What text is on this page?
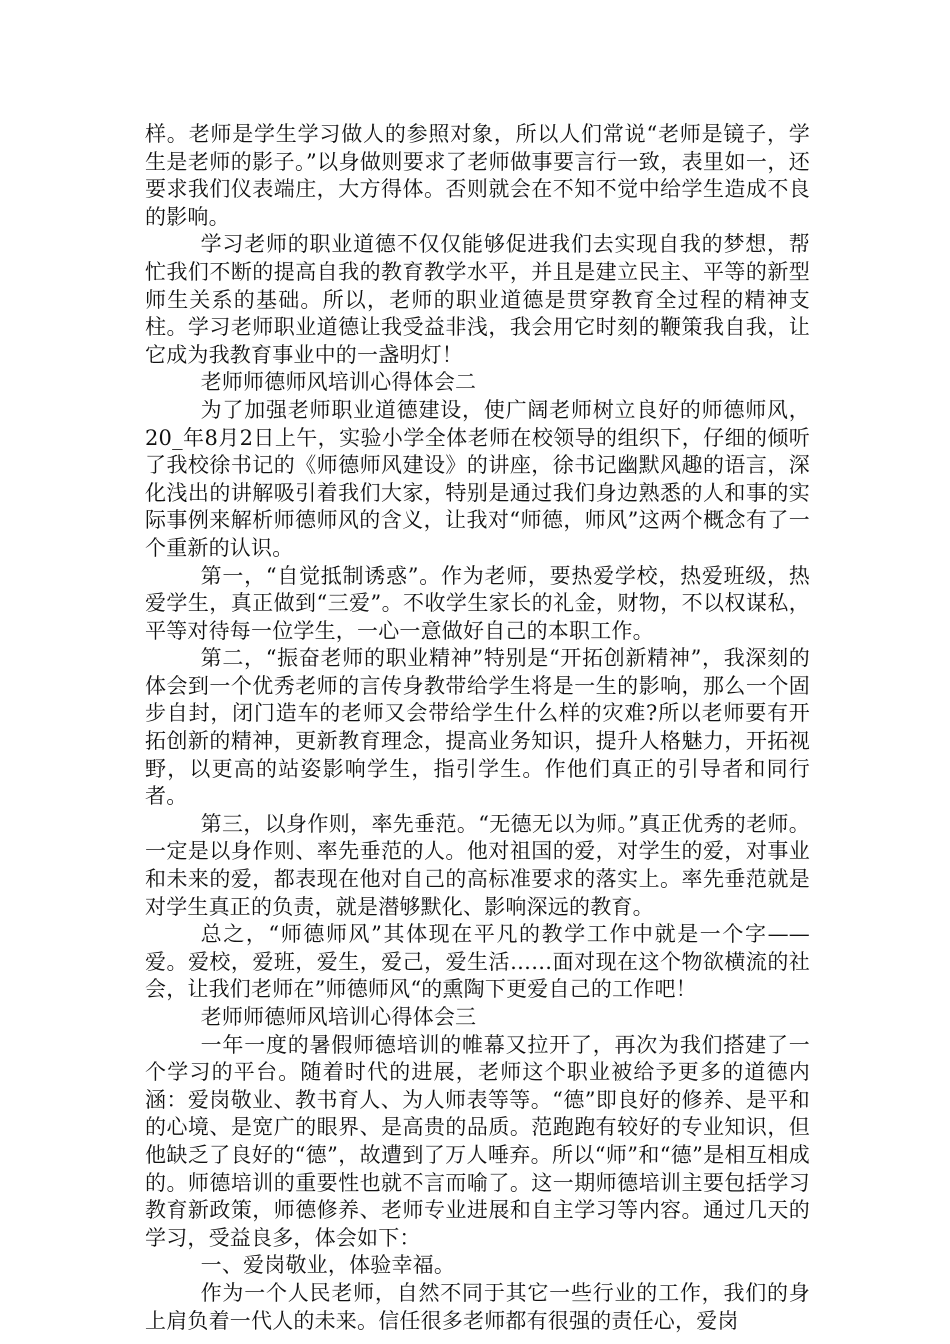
样。老师是学生学习做人的参照对象，所以人们常说“老师是镜子，学生是老师的影子。”以身做则要求了老师做事要言行一致，表里如一，还要求我们仪表端庄，大方得体。否则就会在不知不觉中给学生造成不良的影响。

学习老师的职业道德不仅仅能够促进我们去实现自我的梦想，帮忙我们不断的提高自我的教育教学水平，并且是建立民主、平等的新型师生关系的基础。所以，老师的职业道德是贯穿教育全过程的精神支柱。学习老师职业道德让我受益非浅，我会用它时刻的鞭策我自我，让它成为我教育事业中的一盏明灯！

老师师德师风培训心得体会二

为了加强老师职业道德建设，使广阔老师树立良好的师德师风，20_年8月2日上午，实验小学全体老师在校领导的组织下，仔细的倾听了我校徐书记的《师德师风建设》的讲座，徐书记幽默风趣的语言，深化浅出的讲解吸引着我们大家，特别是通过我们身边熟悉的人和事的实际事例来解析师德师风的含义，让我对“师德，师风”这两个概念有了一个重新的认识。

第一，“自觉抵制诱惑”。作为老师，要热爱学校，热爱班级，热爱学生，真正做到“三爱”。不收学生家长的礼金，财物，不以权谋私，平等对待每一位学生，一心一意做好自己的本职工作。

第二，“振奋老师的职业精神”特别是“开拓创新精神”，我深刻的体会到一个优秀老师的言传身教带给学生将是一生的影响，那么一个固步自封，闭门造车的老师又会带给学生什么样的灾难?所以老师要有开拓创新的精神，更新教育理念，提高业务知识，提升人格魅力，开拓视野，以更高的站姿影响学生，指引学生。作他们真正的引导者和同行者。

第三，以身作则，率先垂范。“无德无以为师。”真正优秀的老师。一定是以身作则、率先垂范的人。他对祖国的爱，对学生的爱，对事业和未来的爱，都表现在他对自己的高标准要求的落实上。率先垂范就是对学生真正的负责，就是潜够默化、影响深远的教育。

总之，“师德师风”其体现在平凡的教学工作中就是一个字——爱。爱校，爱班，爱生，爱己，爱生活……面对现在这个物欲横流的社会，让我们老师在”师德师风“的熏陶下更爱自己的工作吧！

老师师德师风培训心得体会三

一年一度的暑假师德培训的帷幕又拉开了，再次为我们搭建了一个学习的平台。随着时代的进展，老师这个职业被给予更多的道德内涵：爱岗敬业、教书育人、为人师表等等。“德”即良好的修养、是平和的心境、是宽广的眼界、是高贵的品质。范跑跑有较好的专业知识，但他缺乏了良好的“德”，故遭到了万人唾弃。所以“师”和“德”是相互相成的。师德培训的重要性也就不言而喻了。这一期师德培训主要包括学习教育新政策，师德修养、老师专业进展和自主学习等内容。通过几天的学习，受益良多，体会如下：

一、爱岗敬业，体验幸福。

作为一个人民老师，自然不同于其它一些行业的工作，我们的身上肩负着一代人的未来。信任很多老师都有很强的责任心，爱岗
